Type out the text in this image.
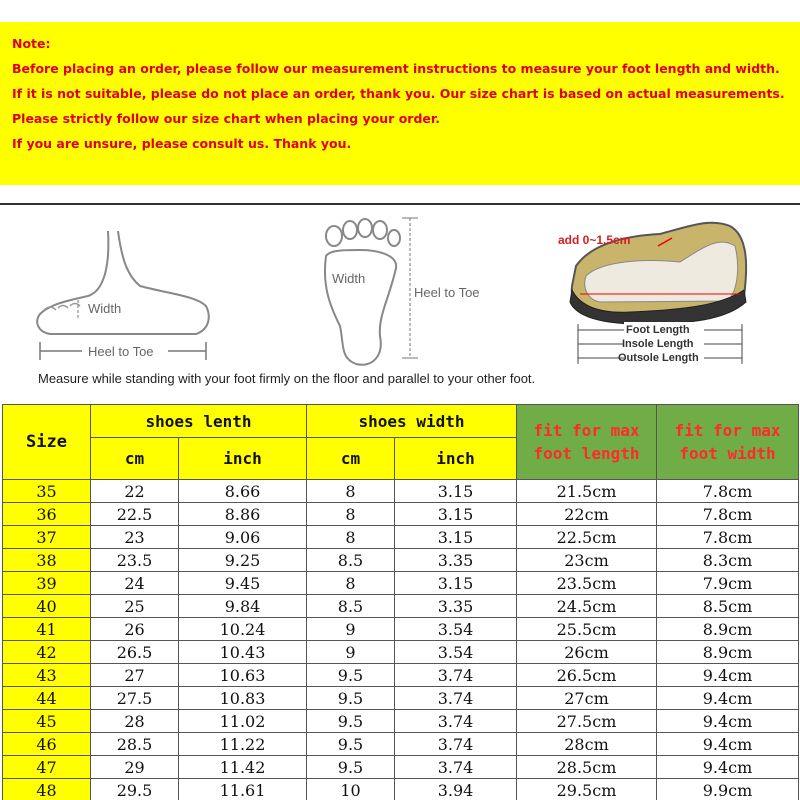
Note:
Before placing an order, please follow our measurement instructions to measure your foot length and width.
If it is not suitable, please do not place an order, thank you. Our size chart is based on actual measurements.
Please strictly follow our size chart when placing your order.
If you are unsure, please consult us. Thank you.
Width
Heel to Toe
Width
Heel to Toe
add 0~1.5cm
Foot Length
Insole Length
Outsole Length
Measure while standing with your foot firmly on the floor and parallel to your other foot.
Size	shoes lenth		shoes width		fit for max foot length	fit for max foot width
	cm	inch	cm	inch		
35	22	8.66	8	3.15	21.5cm	7.8cm
36	22.5	8.86	8	3.15	22cm	7.8cm
37	23	9.06	8	3.15	22.5cm	7.8cm
38	23.5	9.25	8.5	3.35	23cm	8.3cm
39	24	9.45	8	3.15	23.5cm	7.9cm
40	25	9.84	8.5	3.35	24.5cm	8.5cm
41	26	10.24	9	3.54	25.5cm	8.9cm
42	26.5	10.43	9	3.54	26cm	8.9cm
43	27	10.63	9.5	3.74	26.5cm	9.4cm
44	27.5	10.83	9.5	3.74	27cm	9.4cm
45	28	11.02	9.5	3.74	27.5cm	9.4cm
46	28.5	11.22	9.5	3.74	28cm	9.4cm
47	29	11.42	9.5	3.74	28.5cm	9.4cm
48	29.5	11.61	10	3.94	29.5cm	9.9cm
